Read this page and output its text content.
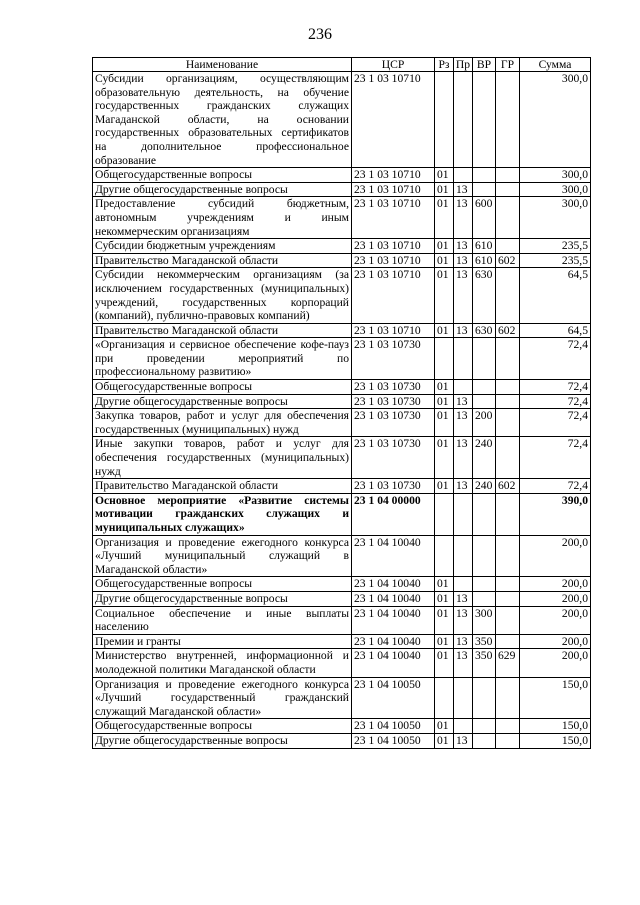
236
Наименование	ЦСР	Рз	Пр	ВР	ГР	Сумма
Субсидии организациям, осуществляющим образовательную деятельность, на обучение государственных гражданских служащих Магаданской области, на основании государственных образовательных сертификатов на дополнительное профессиональное образование	23 1 03 10710					300,0
Общегосударственные вопросы	23 1 03 10710	01				300,0
Другие общегосударственные вопросы	23 1 03 10710	01	13			300,0
Предоставление субсидий бюджетным, автономным учреждениям и иным некоммерческим организациям	23 1 03 10710	01	13	600		300,0
Субсидии бюджетным учреждениям	23 1 03 10710	01	13	610		235,5
Правительство Магаданской области	23 1 03 10710	01	13	610	602	235,5
Субсидии некоммерческим организациям (за исключением государственных (муниципальных) учреждений, государственных корпораций (компаний), публично-правовых компаний)	23 1 03 10710	01	13	630		64,5
Правительство Магаданской области	23 1 03 10710	01	13	630	602	64,5
«Организация и сервисное обеспечение кофе-пауз при проведении мероприятий по профессиональному развитию»	23 1 03 10730					72,4
Общегосударственные вопросы	23 1 03 10730	01				72,4
Другие общегосударственные вопросы	23 1 03 10730	01	13			72,4
Закупка товаров, работ и услуг для обеспечения государственных (муниципальных) нужд	23 1 03 10730	01	13	200		72,4
Иные закупки товаров, работ и услуг для обеспечения государственных (муниципальных) нужд	23 1 03 10730	01	13	240		72,4
Правительство Магаданской области	23 1 03 10730	01	13	240	602	72,4
Основное мероприятие «Развитие системы мотивации гражданских служащих и муниципальных служащих»	23 1 04 00000					390,0
Организация и проведение ежегодного конкурса «Лучший муниципальный служащий в Магаданской области»	23 1 04 10040					200,0
Общегосударственные вопросы	23 1 04 10040	01				200,0
Другие общегосударственные вопросы	23 1 04 10040	01	13			200,0
Социальное обеспечение и иные выплаты населению	23 1 04 10040	01	13	300		200,0
Премии и гранты	23 1 04 10040	01	13	350		200,0
Министерство внутренней, информационной и молодежной политики Магаданской области	23 1 04 10040	01	13	350	629	200,0
Организация и проведение ежегодного конкурса «Лучший государственный гражданский служащий Магаданской области»	23 1 04 10050					150,0
Общегосударственные вопросы	23 1 04 10050	01				150,0
Другие общегосударственные вопросы	23 1 04 10050	01	13			150,0
